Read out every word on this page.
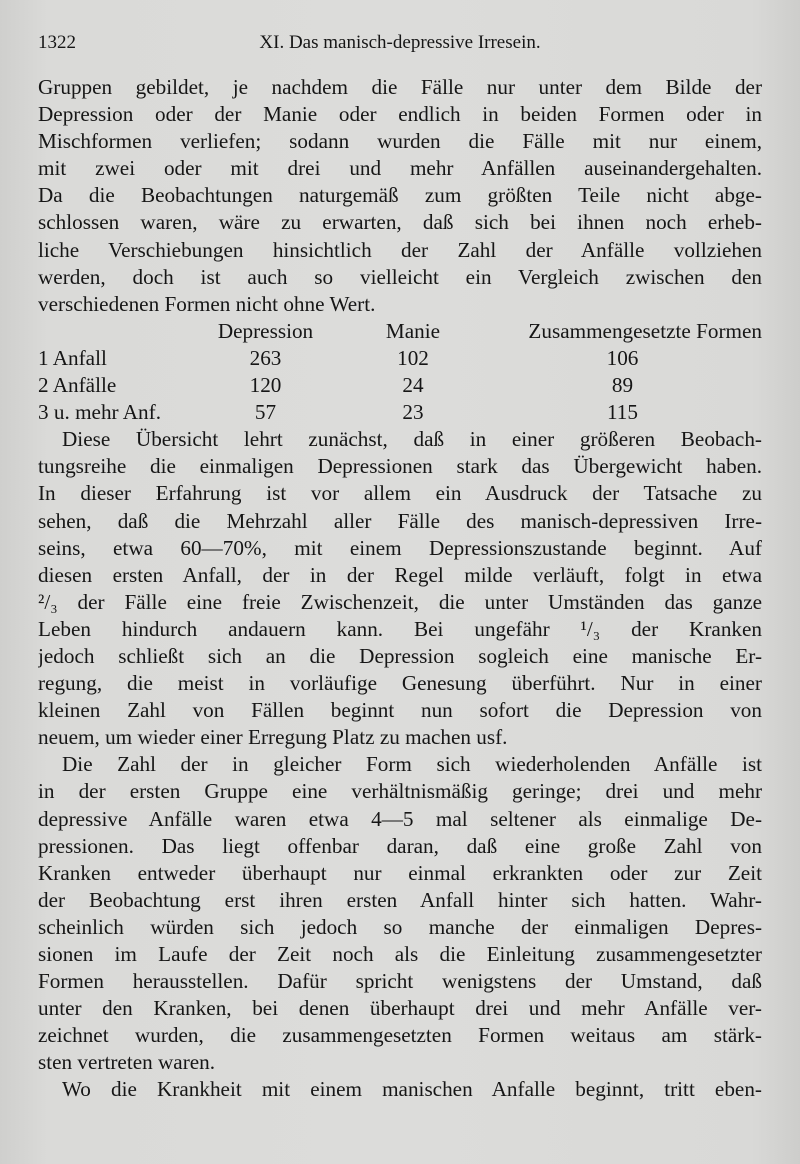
1322	XI. Das manisch-depressive Irresein.
Gruppen gebildet, je nachdem die Fälle nur unter dem Bilde der
Depression oder der Manie oder endlich in beiden Formen oder in
Mischformen verliefen; sodann wurden die Fälle mit nur einem,
mit zwei oder mit drei und mehr Anfällen auseinandergehalten.
Da die Beobachtungen naturgemäß zum größten Teile nicht abge-
schlossen waren, wäre zu erwarten, daß sich bei ihnen noch erheb-
liche Verschiebungen hinsichtlich der Zahl der Anfälle vollziehen
werden, doch ist auch so vielleicht ein Vergleich zwischen den
verschiedenen Formen nicht ohne Wert.
	Depression	Manie	Zusammengesetzte Formen
1 Anfall	263	102	106
2 Anfälle	120	24	89
3 u. mehr Anf.	57	23	115
Diese Übersicht lehrt zunächst, daß in einer größeren Beobach-
tungsreihe die einmaligen Depressionen stark das Übergewicht haben.
In dieser Erfahrung ist vor allem ein Ausdruck der Tatsache zu
sehen, daß die Mehrzahl aller Fälle des manisch-depressiven Irre-
seins, etwa 60—70%, mit einem Depressionszustande beginnt. Auf
diesen ersten Anfall, der in der Regel milde verläuft, folgt in etwa
²/₃ der Fälle eine freie Zwischenzeit, die unter Umständen das ganze
Leben hindurch andauern kann. Bei ungefähr ¹/₃ der Kranken
jedoch schließt sich an die Depression sogleich eine manische Er-
regung, die meist in vorläufige Genesung überführt. Nur in einer
kleinen Zahl von Fällen beginnt nun sofort die Depression von
neuem, um wieder einer Erregung Platz zu machen usf.
Die Zahl der in gleicher Form sich wiederholenden Anfälle ist
in der ersten Gruppe eine verhältnismäßig geringe; drei und mehr
depressive Anfälle waren etwa 4—5 mal seltener als einmalige De-
pressionen. Das liegt offenbar daran, daß eine große Zahl von
Kranken entweder überhaupt nur einmal erkrankten oder zur Zeit
der Beobachtung erst ihren ersten Anfall hinter sich hatten. Wahr-
scheinlich würden sich jedoch so manche der einmaligen Depres-
sionen im Laufe der Zeit noch als die Einleitung zusammengesetzter
Formen herausstellen. Dafür spricht wenigstens der Umstand, daß
unter den Kranken, bei denen überhaupt drei und mehr Anfälle ver-
zeichnet wurden, die zusammengesetzten Formen weitaus am stärk-
sten vertreten waren.
Wo die Krankheit mit einem manischen Anfalle beginnt, tritt eben-
